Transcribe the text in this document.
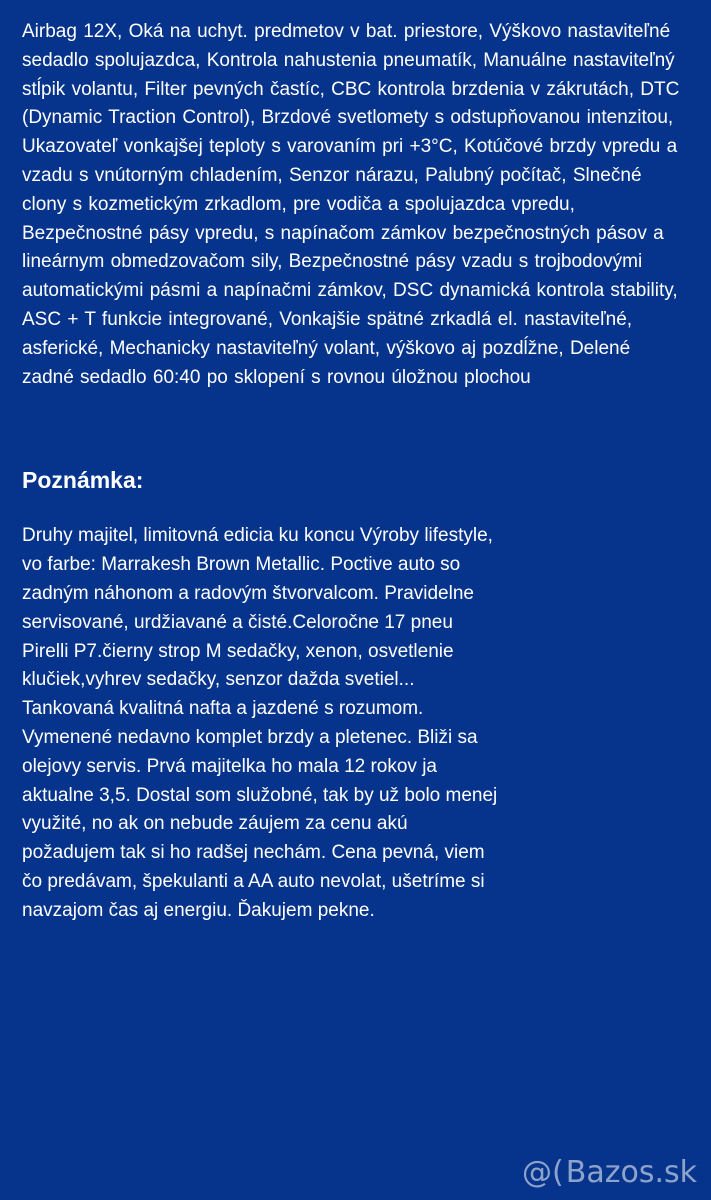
Airbag 12X, Oká na uchyt. predmetov v bat. priestore, Výškovo nastaviteľné sedadlo spolujazdca, Kontrola nahustenia pneumatík, Manuálne nastaviteľný stĺpik volantu, Filter pevných častíc, CBC kontrola brzdenia v zákrutách, DTC (Dynamic Traction Control), Brzdové svetlomety s odstupňovanou intenzitou, Ukazovateľ vonkajšej teploty s varovaním pri +3°C, Kotúčové brzdy vpredu a vzadu s vnútorným chladením, Senzor nárazu, Palubný počítač, Slnečné clony s kozmetickým zrkadlom, pre vodiča a spolujazdca vpredu, Bezpečnostné pásy vpredu, s napínačom zámkov bezpečnostných pásov a lineárnym obmedzovačom sily, Bezpečnostné pásy vzadu s trojbodovými automatickými pásmi a napínačmi zámkov, DSC dynamická kontrola stability, ASC + T funkcie integrované, Vonkajšie spätné zrkadlá el. nastaviteľné, asferické, Mechanicky nastaviteľný volant, výškovo aj pozdĺžne, Delené zadné sedadlo 60:40 po sklopení s rovnou úložnou plochou

Poznámka:

Druhy majitel, limitovná edicia ku koncu Výroby lifestyle, vo farbe: Marrakesh Brown Metallic. Poctive auto so zadným náhonom a radovým štvorvalcom. Pravidelne servisované, urdžiavané a čisté.Celoročne 17 pneu Pirelli P7.čierny strop M sedačky, xenon, osvetlenie klučiek,vyhrev sedačky, senzor dažda svetiel... Tankovaná kvalitná nafta a jazdené s rozumom. Vymenené nedavno komplet brzdy a pletenec. Bliži sa olejovy servis. Prvá majitelka ho mala 12 rokov ja aktualne 3,5. Dostal som služobné, tak by už bolo menej využité, no ak on nebude záujem za cenu akú požadujem tak si ho radšej nechám. Cena pevná, viem čo predávam, špekulanti a AA auto nevolat, ušetríme si navzajom čas aj energiu. Ďakujem pekne.

@( Bazos.sk
